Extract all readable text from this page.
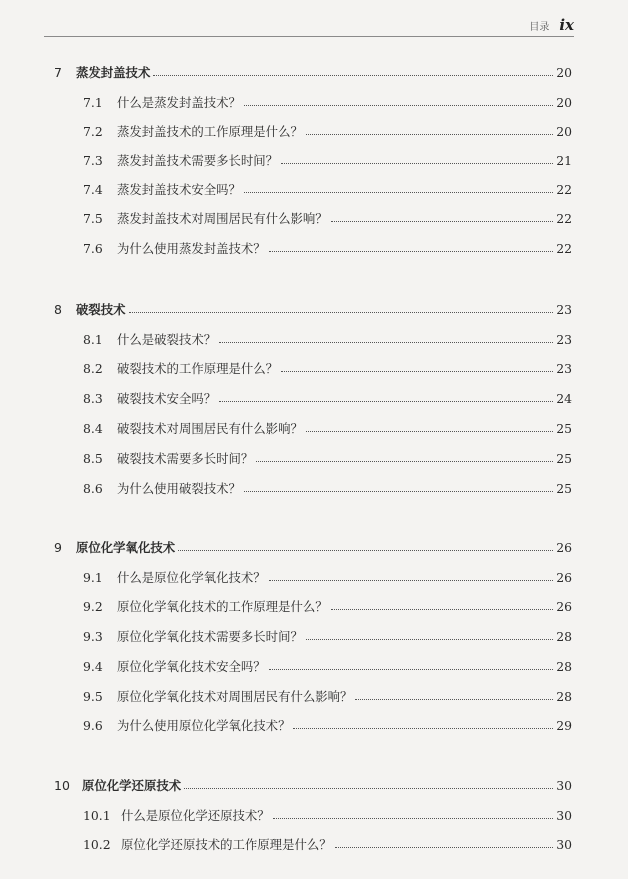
目录 ix
7	蒸发封盖技术	20
7.1	什么是蒸发封盖技术？	20
7.2	蒸发封盖技术的工作原理是什么？	20
7.3	蒸发封盖技术需要多长时间？	21
7.4	蒸发封盖技术安全吗？	22
7.5	蒸发封盖技术对周围居民有什么影响？	22
7.6	为什么使用蒸发封盖技术？	22
8	破裂技术	23
8.1	什么是破裂技术？	23
8.2	破裂技术的工作原理是什么？	23
8.3	破裂技术安全吗？	24
8.4	破裂技术对周围居民有什么影响？	25
8.5	破裂技术需要多长时间？	25
8.6	为什么使用破裂技术？	25
9	原位化学氧化技术	26
9.1	什么是原位化学氧化技术？	26
9.2	原位化学氧化技术的工作原理是什么？	26
9.3	原位化学氧化技术需要多长时间？	28
9.4	原位化学氧化技术安全吗？	28
9.5	原位化学氧化技术对周围居民有什么影响？	28
9.6	为什么使用原位化学氧化技术？	29
10 原位化学还原技术	30
10.1 什么是原位化学还原技术？	30
10.2 原位化学还原技术的工作原理是什么？	30
